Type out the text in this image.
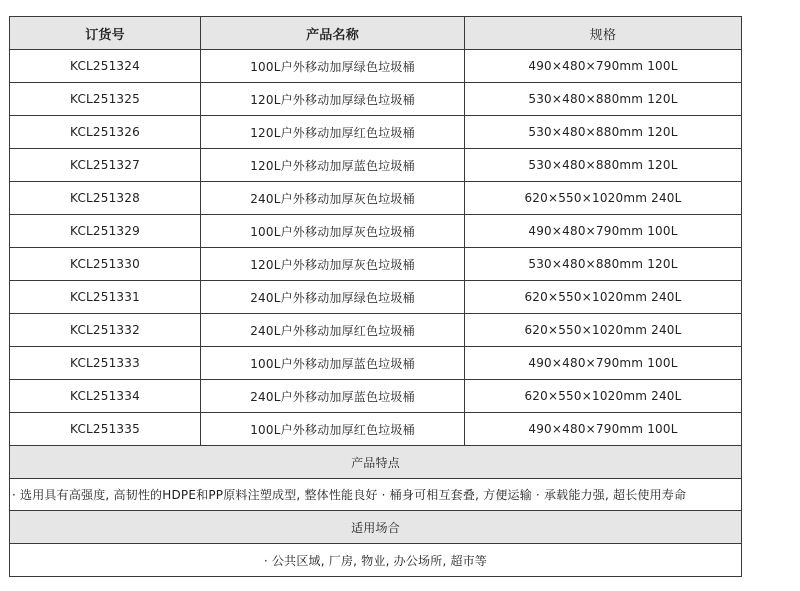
订货号	产品名称	规格
KCL251324	100L户外移动加厚绿色垃圾桶	490×480×790mm 100L
KCL251325	120L户外移动加厚绿色垃圾桶	530×480×880mm 120L
KCL251326	120L户外移动加厚红色垃圾桶	530×480×880mm 120L
KCL251327	120L户外移动加厚蓝色垃圾桶	530×480×880mm 120L
KCL251328	240L户外移动加厚灰色垃圾桶	620×550×1020mm 240L
KCL251329	100L户外移动加厚灰色垃圾桶	490×480×790mm 100L
KCL251330	120L户外移动加厚灰色垃圾桶	530×480×880mm 120L
KCL251331	240L户外移动加厚绿色垃圾桶	620×550×1020mm 240L
KCL251332	240L户外移动加厚红色垃圾桶	620×550×1020mm 240L
KCL251333	100L户外移动加厚蓝色垃圾桶	490×480×790mm 100L
KCL251334	240L户外移动加厚蓝色垃圾桶	620×550×1020mm 240L
KCL251335	100L户外移动加厚红色垃圾桶	490×480×790mm 100L
产品特点		
· 选用具有高强度, 高韧性的HDPE和PP原料注塑成型, 整体性能良好 · 桶身可相互套叠, 方便运输 · 承载能力强, 超长使用寿命		
适用场合		
· 公共区域, 厂房, 物业, 办公场所, 超市等		
